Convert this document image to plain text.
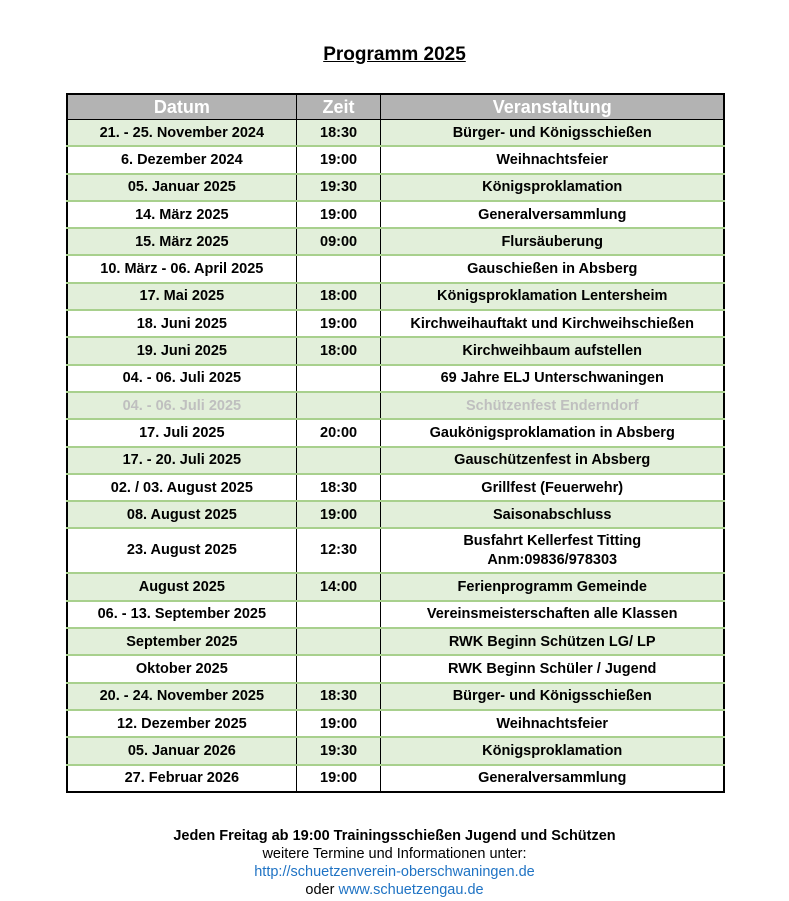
Programm 2025
Datum	Zeit	Veranstaltung
21. - 25. November 2024	18:30	Bürger- und Königsschießen

6. Dezember 2024	19:00	Weihnachtsfeier

05. Januar 2025	19:30	Königsproklamation

14. März 2025	19:00	Generalversammlung

15. März 2025	09:00	Flursäuberung

10. März - 06. April 2025		Gauschießen in Absberg

17. Mai 2025	18:00	Königsproklamation Lentersheim

18. Juni 2025	19:00	Kirchweihauftakt und Kirchweihschießen

19. Juni 2025	18:00	Kirchweihbaum aufstellen

04. - 06. Juli 2025		69 Jahre ELJ Unterschwaningen

04. - 06. Juli 2025		Schützenfest Enderndorf

17. Juli 2025	20:00	Gaukönigsproklamation in Absberg

17. - 20. Juli 2025		Gauschützenfest in Absberg

02. / 03. August 2025	18:30	Grillfest (Feuerwehr)

08. August 2025	19:00	Saisonabschluss

23. August 2025	12:30	Busfahrt Kellerfest Titting
Anm:09836/978303

August 2025	14:00	Ferienprogramm Gemeinde

06. - 13. September 2025		Vereinsmeisterschaften alle Klassen

September 2025		RWK Beginn Schützen LG/ LP

Oktober 2025		RWK Beginn Schüler / Jugend

20. - 24. November 2025	18:30	Bürger- und Königsschießen

12. Dezember 2025	19:00	Weihnachtsfeier

05. Januar 2026	19:30	Königsproklamation

27. Februar 2026	19:00	Generalversammlung
Jeden Freitag ab 19:00 Trainingsschießen Jugend und Schützen
weitere Termine und Informationen unter:
http://schuetzenverein-oberschwaningen.de
oder www.schuetzengau.de
